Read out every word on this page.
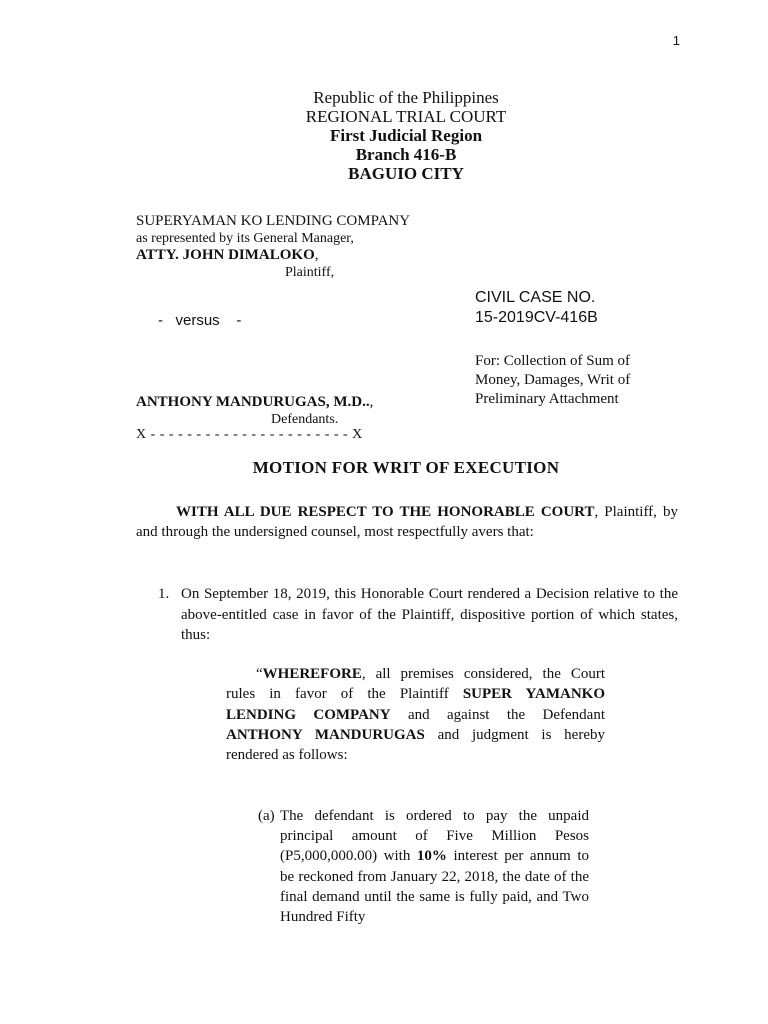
1
Republic of the Philippines
REGIONAL TRIAL COURT
First Judicial Region
Branch 416-B
BAGUIO CITY
SUPERYAMAN KO LENDING COMPANY
as represented by its General Manager,
ATTY. JOHN DIMALOKO,
Plaintiff,
-   versus    -
CIVIL CASE NO.
15-2019CV-416B
For: Collection of Sum of
Money, Damages, Writ of
Preliminary Attachment
ANTHONY MANDURUGAS, M.D..,
Defendants.
X - - - - - - - - - - - - - - - - - - - - - - X
MOTION FOR WRIT OF EXECUTION
WITH ALL DUE RESPECT TO THE HONORABLE COURT, Plaintiff, by and through the undersigned counsel, most respectfully avers that:
1. On September 18, 2019, this Honorable Court rendered a Decision relative to the above-entitled case in favor of the Plaintiff, dispositive portion of which states, thus:
“WHEREFORE, all premises considered, the Court rules in favor of the Plaintiff SUPER YAMANKO LENDING COMPANY and against the Defendant ANTHONY MANDURUGAS and judgment is hereby rendered as follows:
(a) The defendant is ordered to pay the unpaid principal amount of Five Million Pesos (P5,000,000.00) with 10% interest per annum to be reckoned from January 22, 2018, the date of the final demand until the same is fully paid, and Two Hundred Fifty
